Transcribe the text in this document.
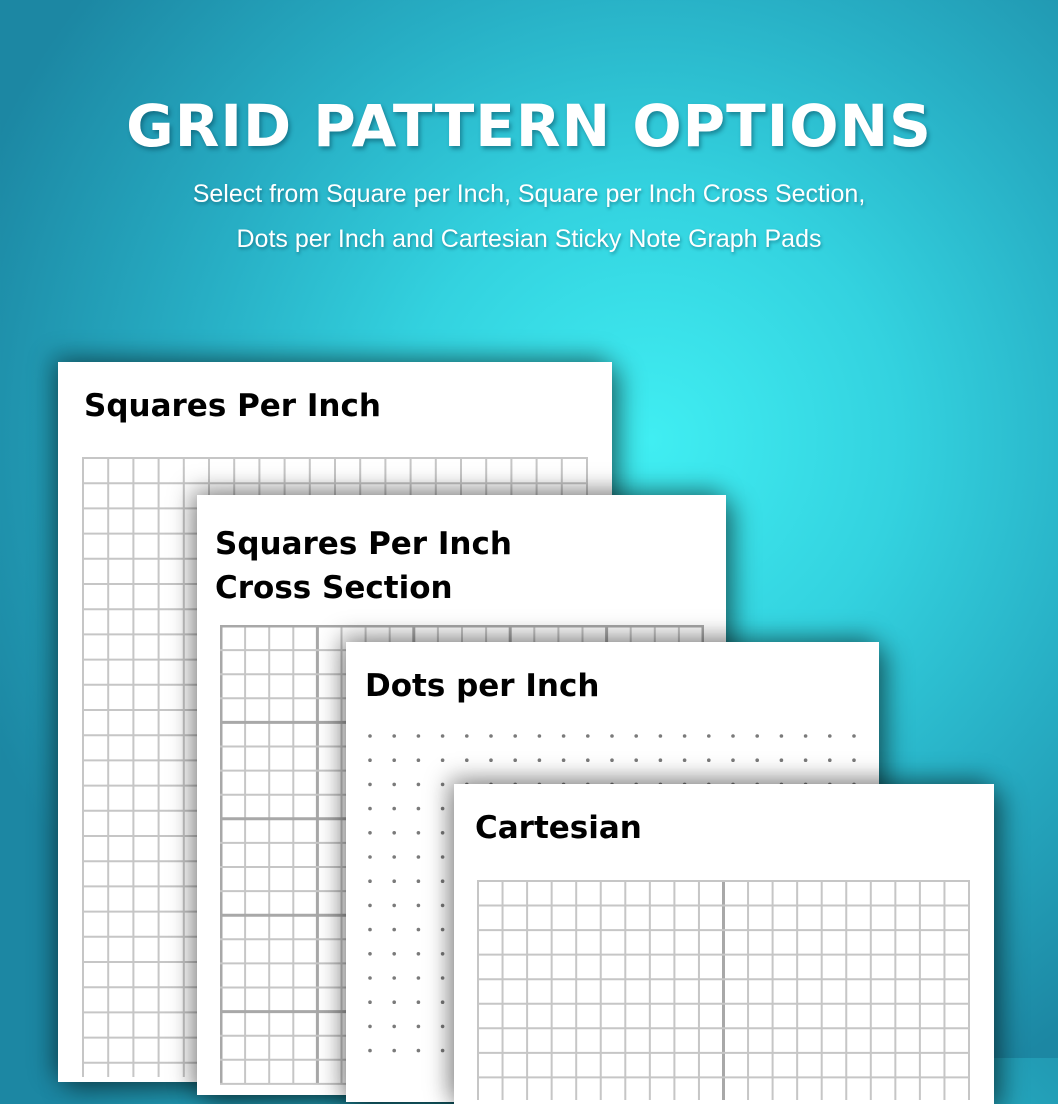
GRID PATTERN OPTIONS
Select from Square per Inch, Square per Inch Cross Section,
Dots per Inch and Cartesian Sticky Note Graph Pads
Squares Per Inch
Squares Per Inch
Cross Section
Dots per Inch
Cartesian
